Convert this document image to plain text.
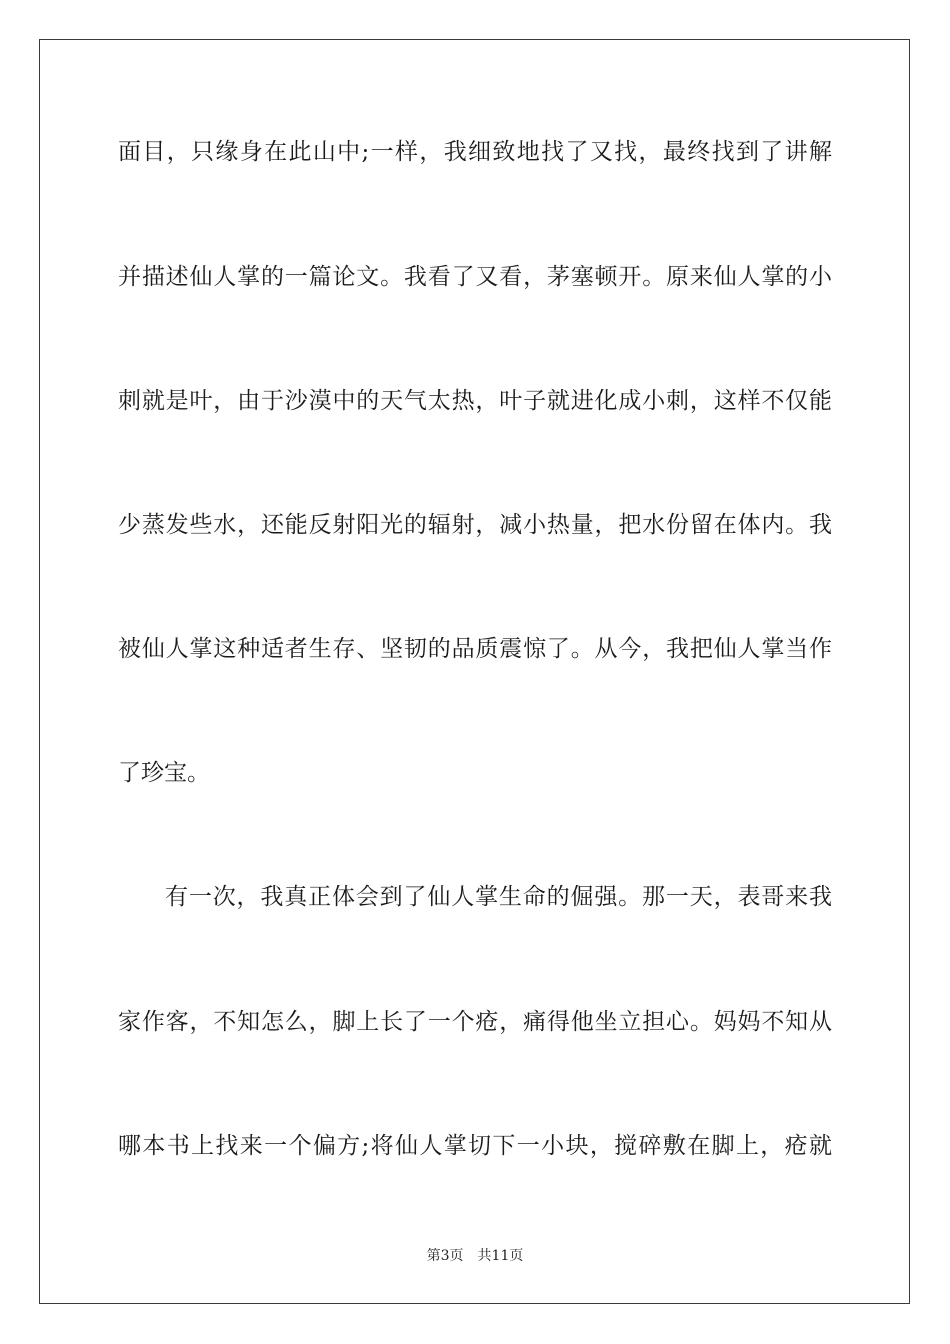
面目，只缘身在此山中;一样，我细致地找了又找，最终找到了讲解
并描述仙人掌的一篇论文。我看了又看，茅塞顿开。原来仙人掌的小
刺就是叶，由于沙漠中的天气太热，叶子就进化成小刺，这样不仅能
少蒸发些水，还能反射阳光的辐射，减小热量，把水份留在体内。我
被仙人掌这种适者生存、坚韧的品质震惊了。从今，我把仙人掌当作
了珍宝。
有一次，我真正体会到了仙人掌生命的倔强。那一天，表哥来我
家作客，不知怎么，脚上长了一个疮，痛得他坐立担心。妈妈不知从
哪本书上找来一个偏方;将仙人掌切下一小块，搅碎敷在脚上，疮就
第3页 共11页
